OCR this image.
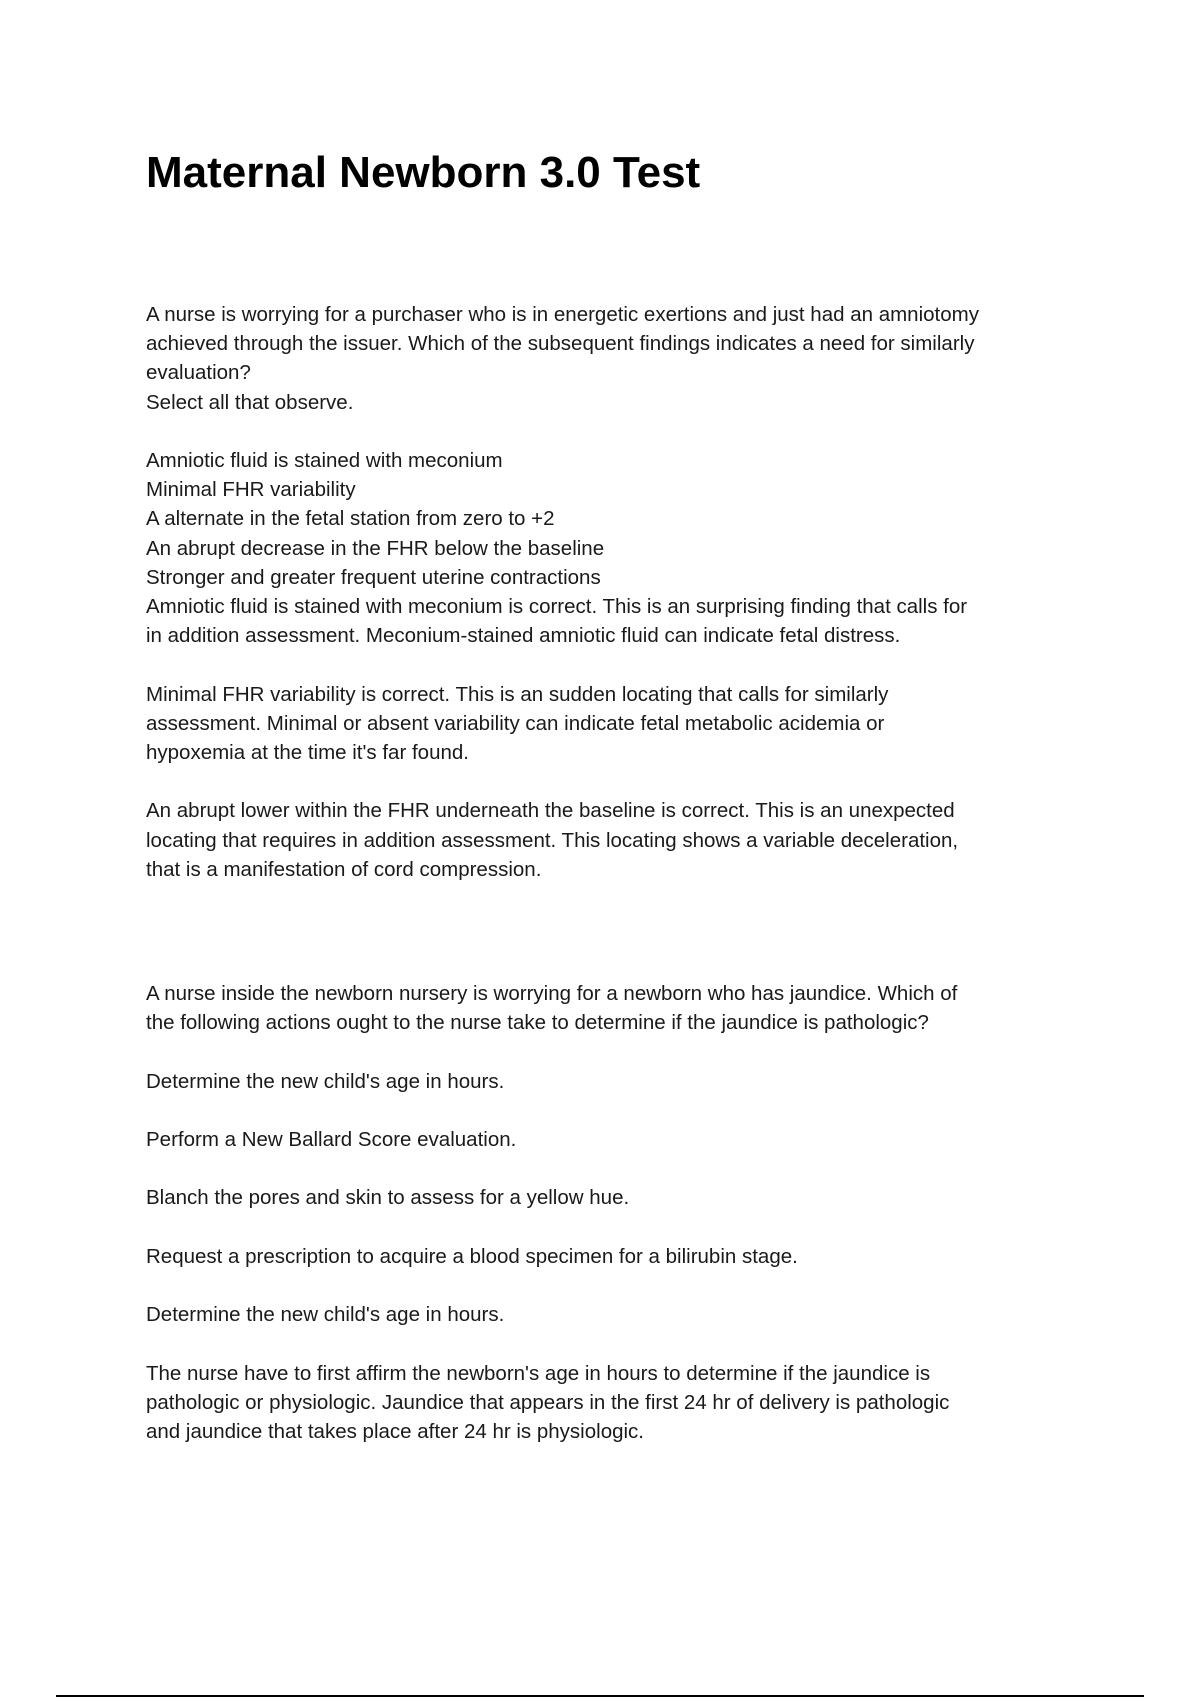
Maternal Newborn 3.0 Test
A nurse is worrying for a purchaser who is in energetic exertions and just had an amniotomy
achieved through the issuer. Which of the subsequent findings indicates a need for similarly
evaluation?
Select all that observe.
Amniotic fluid is stained with meconium
Minimal FHR variability
A alternate in the fetal station from zero to +2
An abrupt decrease in the FHR below the baseline
Stronger and greater frequent uterine contractions
Amniotic fluid is stained with meconium is correct. This is an surprising finding that calls for
in addition assessment. Meconium-stained amniotic fluid can indicate fetal distress.
Minimal FHR variability is correct. This is an sudden locating that calls for similarly
assessment. Minimal or absent variability can indicate fetal metabolic acidemia or
hypoxemia at the time it's far found.
An abrupt lower within the FHR underneath the baseline is correct. This is an unexpected
locating that requires in addition assessment. This locating shows a variable deceleration,
that is a manifestation of cord compression.
A nurse inside the newborn nursery is worrying for a newborn who has jaundice. Which of
the following actions ought to the nurse take to determine if the jaundice is pathologic?
Determine the new child's age in hours.
Perform a New Ballard Score evaluation.
Blanch the pores and skin to assess for a yellow hue.
Request a prescription to acquire a blood specimen for a bilirubin stage.
Determine the new child's age in hours.
The nurse have to first affirm the newborn's age in hours to determine if the jaundice is
pathologic or physiologic. Jaundice that appears in the first 24 hr of delivery is pathologic
and jaundice that takes place after 24 hr is physiologic.
